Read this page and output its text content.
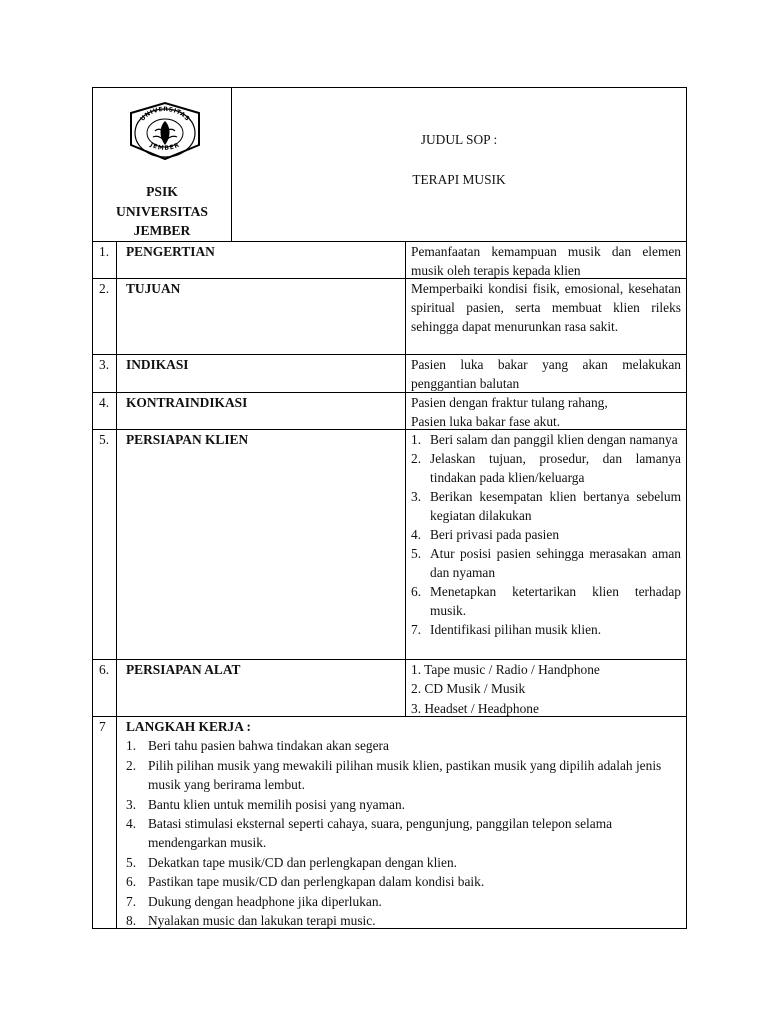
UNIVERSITAS
JEMBER
PSIK
UNIVERSITAS
JEMBER
JUDUL SOP :
TERAPI MUSIK
1.	PENGERTIAN	Pemanfaatan kemampuan musik dan elemen musik oleh terapis kepada klien
2.	TUJUAN	Memperbaiki kondisi fisik, emosional, kesehatan spiritual pasien, serta membuat klien rileks sehingga dapat menurunkan rasa sakit.
3.	INDIKASI	Pasien luka bakar yang akan melakukan penggantian balutan
4.	KONTRAINDIKASI	Pasien dengan fraktur tulang rahang,
Pasien luka bakar fase akut.
5.	PERSIAPAN KLIEN	1. Beri salam dan panggil klien dengan namanya
2. Jelaskan tujuan, prosedur, dan lamanya tindakan pada klien/keluarga
3. Berikan kesempatan klien bertanya sebelum kegiatan dilakukan
4. Beri privasi pada pasien
5. Atur posisi pasien sehingga merasakan aman dan nyaman
6. Menetapkan ketertarikan klien terhadap musik.
7. Identifikasi pilihan musik klien.
6.	PERSIAPAN ALAT	1. Tape music / Radio / Handphone
2. CD Musik / Musik
3. Headset / Headphone
7	LANGKAH KERJA :
1. Beri tahu pasien bahwa tindakan akan segera
2. Pilih pilihan musik yang mewakili pilihan musik klien, pastikan musik yang dipilih adalah jenis musik yang berirama lembut.
3. Bantu klien untuk memilih posisi yang nyaman.
4. Batasi stimulasi eksternal seperti cahaya, suara, pengunjung, panggilan telepon selama mendengarkan musik.
5. Dekatkan tape musik/CD dan perlengkapan dengan klien.
6. Pastikan tape musik/CD dan perlengkapan dalam kondisi baik.
7. Dukung dengan headphone jika diperlukan.
8. Nyalakan music dan lakukan terapi music.
